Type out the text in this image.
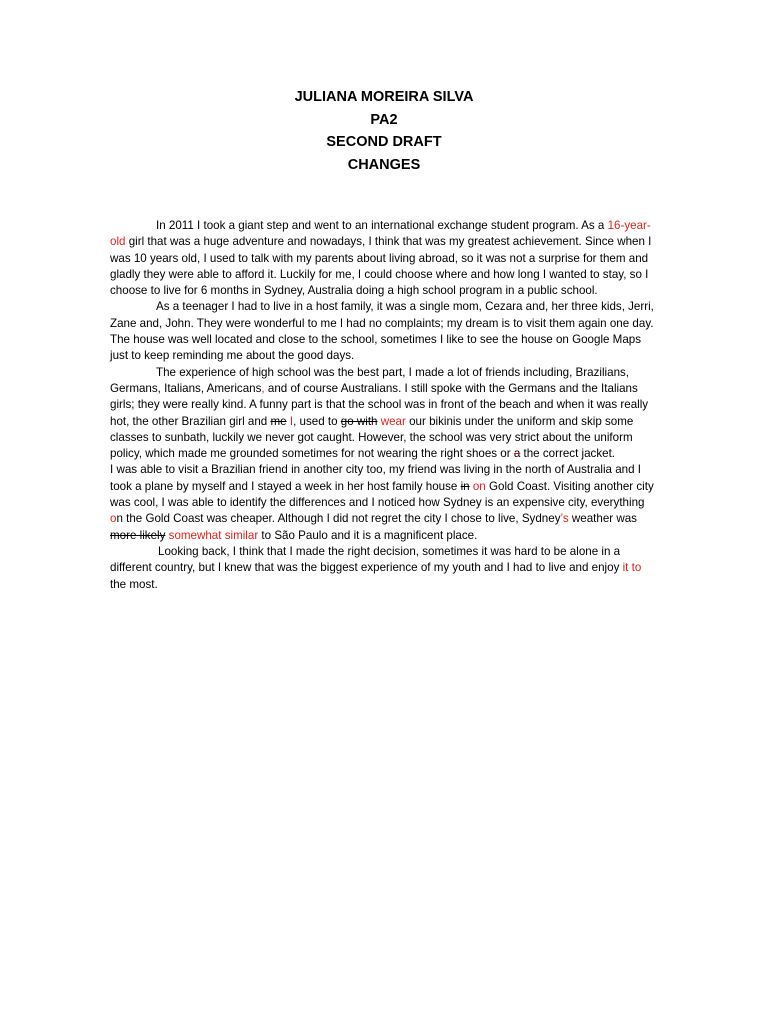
JULIANA MOREIRA SILVA
PA2
SECOND DRAFT
CHANGES

In 2011 I took a giant step and went to an international exchange student program. As a 16-year-old girl that was a huge adventure and nowadays, I think that was my greatest achievement. Since when I was 10 years old, I used to talk with my parents about living abroad, so it was not a surprise for them and gladly they were able to afford it. Luckily for me, I could choose where and how long I wanted to stay, so I choose to live for 6 months in Sydney, Australia doing a high school program in a public school.

As a teenager I had to live in a host family, it was a single mom, Cezara and, her three kids, Jerri, Zane and, John. They were wonderful to me I had no complaints; my dream is to visit them again one day. The house was well located and close to the school, sometimes I like to see the house on Google Maps just to keep reminding me about the good days.

The experience of high school was the best part, I made a lot of friends including, Brazilians, Germans, Italians, Americans, and of course Australians. I still spoke with the Germans and the Italians girls; they were really kind. A funny part is that the school was in front of the beach and when it was really hot, the other Brazilian girl and me I, used to go with wear our bikinis under the uniform and skip some classes to sunbath, luckily we never got caught. However, the school was very strict about the uniform policy, which made me grounded sometimes for not wearing the right shoes or a the correct jacket.

I was able to visit a Brazilian friend in another city too, my friend was living in the north of Australia and I took a plane by myself and I stayed a week in her host family house in on Gold Coast. Visiting another city was cool, I was able to identify the differences and I noticed how Sydney is an expensive city, everything on the Gold Coast was cheaper. Although I did not regret the city I chose to live, Sydney’s weather was more likely somewhat similar to São Paulo and it is a magnificent place.

Looking back, I think that I made the right decision, sometimes it was hard to be alone in a different country, but I knew that was the biggest experience of my youth and I had to live and enjoy it to the most.
